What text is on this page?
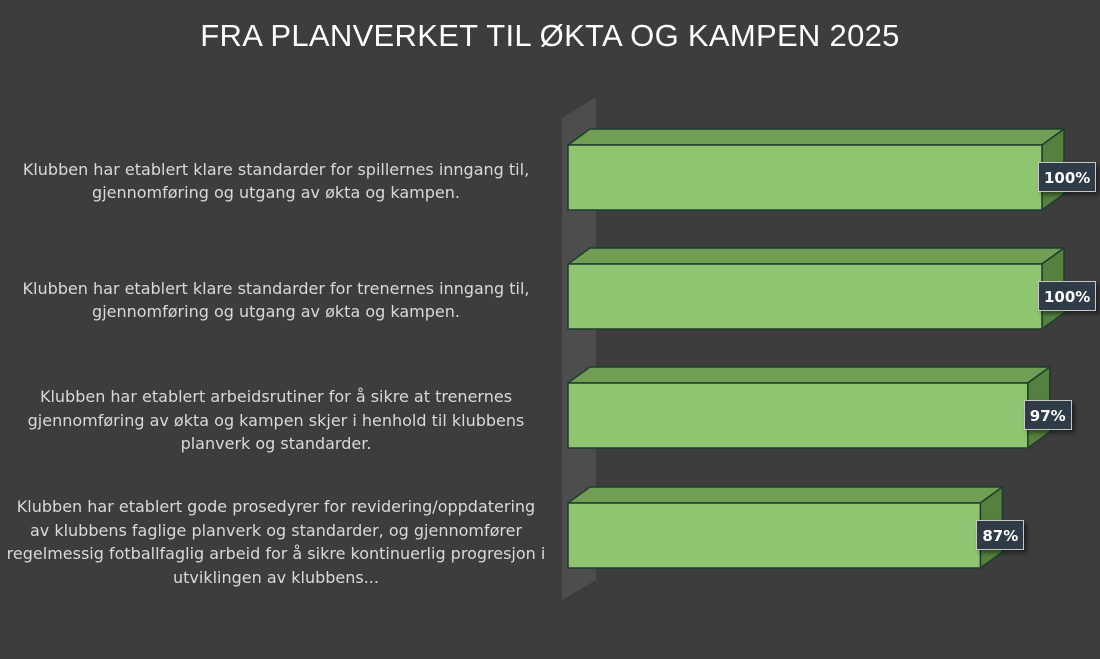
FRA PLANVERKET TIL ØKTA OG KAMPEN 2025
Klubben har etablert klare standarder for spillernes inngang til, gjennomføring og utgang av økta og kampen.
Klubben har etablert klare standarder for trenernes inngang til, gjennomføring og utgang av økta og kampen.
Klubben har etablert arbeidsrutiner for å sikre at trenernes gjennomføring av økta og kampen skjer i henhold til klubbens planverk og standarder.
Klubben har etablert gode prosedyrer for revidering/oppdatering av klubbens faglige planverk og standarder, og gjennomfører regelmessig fotballfaglig arbeid for å sikre kontinuerlig progresjon i utviklingen av klubbens...
100%
100%
97%
87%
